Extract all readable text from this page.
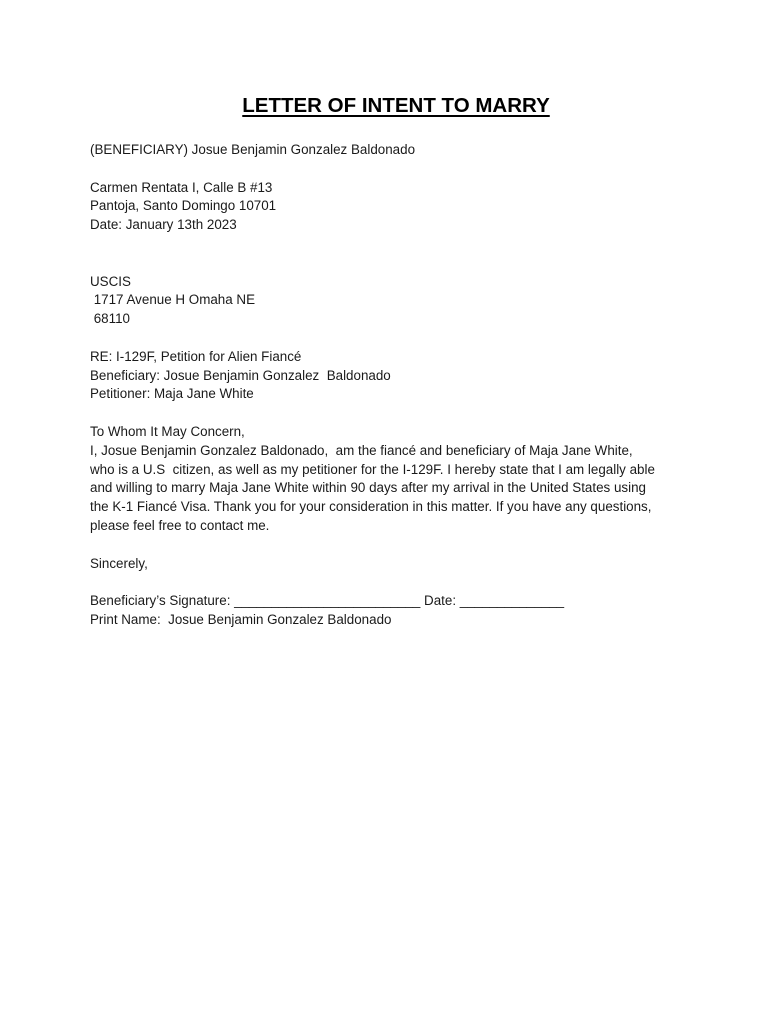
LETTER OF INTENT TO MARRY
(BENEFICIARY) Josue Benjamin Gonzalez Baldonado
Carmen Rentata I, Calle B #13
Pantoja, Santo Domingo 10701
Date: January 13th 2023
USCIS
1717 Avenue H Omaha NE
68110
RE: I-129F, Petition for Alien Fiancé
Beneficiary: Josue Benjamin Gonzalez  Baldonado
Petitioner: Maja Jane White
To Whom It May Concern,
I, Josue Benjamin Gonzalez Baldonado,  am the fiancé and beneficiary of Maja Jane White,
who is a U.S  citizen, as well as my petitioner for the I-129F. I hereby state that I am legally able
and willing to marry Maja Jane White within 90 days after my arrival in the United States using
the K-1 Fiancé Visa. Thank you for your consideration in this matter. If you have any questions,
please feel free to contact me.
Sincerely,
Beneficiary’s Signature: _________________________ Date: ______________
Print Name:  Josue Benjamin Gonzalez Baldonado
